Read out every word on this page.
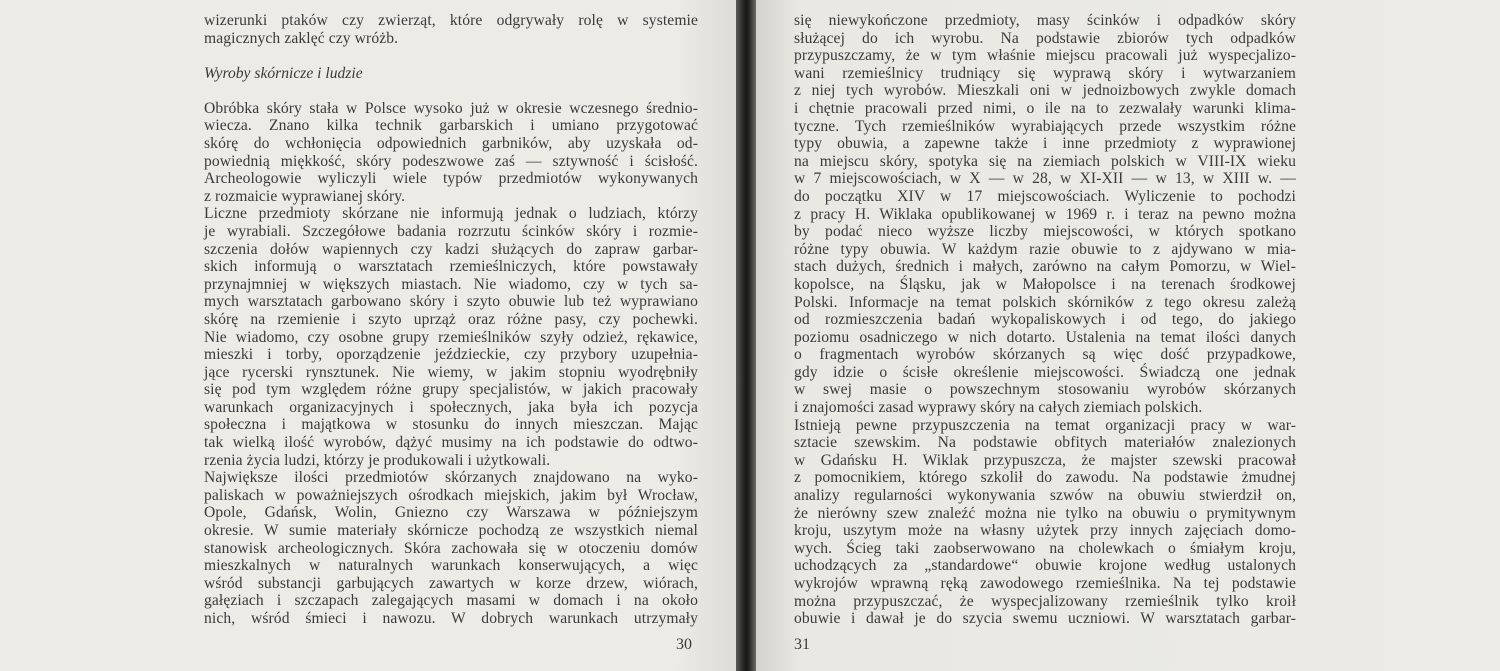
wizerunki ptaków czy zwierząt, które odgrywały rolę w systemie
magicznych zaklęć czy wróżb.
Wyroby skórnicze i ludzie
Obróbka skóry stała w Polsce wysoko już w okresie wczesnego średnio-
wiecza. Znano kilka technik garbarskich i umiano przygotować
skórę do wchłonięcia odpowiednich garbników, aby uzyskała od-
powiednią miękkość, skóry podeszwowe zaś — sztywność i ścisłość.
Archeologowie wyliczyli wiele typów przedmiotów wykonywanych
z rozmaicie wyprawianej skóry.
Liczne przedmioty skórzane nie informują jednak o ludziach, którzy
je wyrabiali. Szczegółowe badania rozrzutu ścinków skóry i rozmie-
szczenia dołów wapiennych czy kadzi służących do zapraw garbar-
skich informują o warsztatach rzemieślniczych, które powstawały
przynajmniej w większych miastach. Nie wiadomo, czy w tych sa-
mych warsztatach garbowano skóry i szyto obuwie lub też wyprawiano
skórę na rzemienie i szyto uprząż oraz różne pasy, czy pochewki.
Nie wiadomo, czy osobne grupy rzemieślników szyły odzież, rękawice,
mieszki i torby, oporządzenie jeździeckie, czy przybory uzupełnia-
jące rycerski rynsztunek. Nie wiemy, w jakim stopniu wyodrębniły
się pod tym względem różne grupy specjalistów, w jakich pracowały
warunkach organizacyjnych i społecznych, jaka była ich pozycja
społeczna i majątkowa w stosunku do innych mieszczan. Mając
tak wielką ilość wyrobów, dążyć musimy na ich podstawie do odtwo-
rzenia życia ludzi, którzy je produkowali i użytkowali.
Największe ilości przedmiotów skórzanych znajdowano na wyko-
paliskach w poważniejszych ośrodkach miejskich, jakim był Wrocław,
Opole, Gdańsk, Wolin, Gniezno czy Warszawa w późniejszym
okresie. W sumie materiały skórnicze pochodzą ze wszystkich niemal
stanowisk archeologicznych. Skóra zachowała się w otoczeniu domów
mieszkalnych w naturalnych warunkach konserwujących, a więc
wśród substancji garbujących zawartych w korze drzew, wiórach,
gałęziach i szczapach zalegających masami w domach i na około
nich, wśród śmieci i nawozu. W dobrych warunkach utrzymały
30
się niewykończone przedmioty, masy ścinków i odpadków skóry
służącej do ich wyrobu. Na podstawie zbiorów tych odpadków
przypuszczamy, że w tym właśnie miejscu pracowali już wyspecjalizo-
wani rzemieślnicy trudniący się wyprawą skóry i wytwarzaniem
z niej tych wyrobów. Mieszkali oni w jednoizbowych zwykle domach
i chętnie pracowali przed nimi, o ile na to zezwalały warunki klima-
tyczne. Tych rzemieślników wyrabiających przede wszystkim różne
typy obuwia, a zapewne także i inne przedmioty z wyprawionej
na miejscu skóry, spotyka się na ziemiach polskich w VIII-IX wieku
w 7 miejscowościach, w X — w 28, w XI-XII — w 13, w XIII w. —
do początku XIV w 17 miejscowościach. Wyliczenie to pochodzi
z pracy H. Wiklaka opublikowanej w 1969 r. i teraz na pewno można
by podać nieco wyższe liczby miejscowości, w których spotkano
różne typy obuwia. W każdym razie obuwie to z ajdywano w mia-
stach dużych, średnich i małych, zarówno na całym Pomorzu, w Wiel-
kopolsce, na Śląsku, jak w Małopolsce i na terenach środkowej
Polski. Informacje na temat polskich skórników z tego okresu zależą
od rozmieszczenia badań wykopaliskowych i od tego, do jakiego
poziomu osadniczego w nich dotarto. Ustalenia na temat ilości danych
o fragmentach wyrobów skórzanych są więc dość przypadkowe,
gdy idzie o ścisłe określenie miejscowości. Świadczą one jednak
w swej masie o powszechnym stosowaniu wyrobów skórzanych
i znajomości zasad wyprawy skóry na całych ziemiach polskich.
Istnieją pewne przypuszczenia na temat organizacji pracy w war-
sztacie szewskim. Na podstawie obfitych materiałów znalezionych
w Gdańsku H. Wiklak przypuszcza, że majster szewski pracował
z pomocnikiem, którego szkolił do zawodu. Na podstawie żmudnej
analizy regularności wykonywania szwów na obuwiu stwierdził on,
że nierówny szew znaleźć można nie tylko na obuwiu o prymitywnym
kroju, uszytym może na własny użytek przy innych zajęciach domo-
wych. Ścieg taki zaobserwowano na cholewkach o śmiałym kroju,
uchodzących za „standardowe“ obuwie krojone według ustalonych
wykrojów wprawną ręką zawodowego rzemieślnika. Na tej podstawie
można przypuszczać, że wyspecjalizowany rzemieślnik tylko kroił
obuwie i dawał je do szycia swemu uczniowi. W warsztatach garbar-
31
